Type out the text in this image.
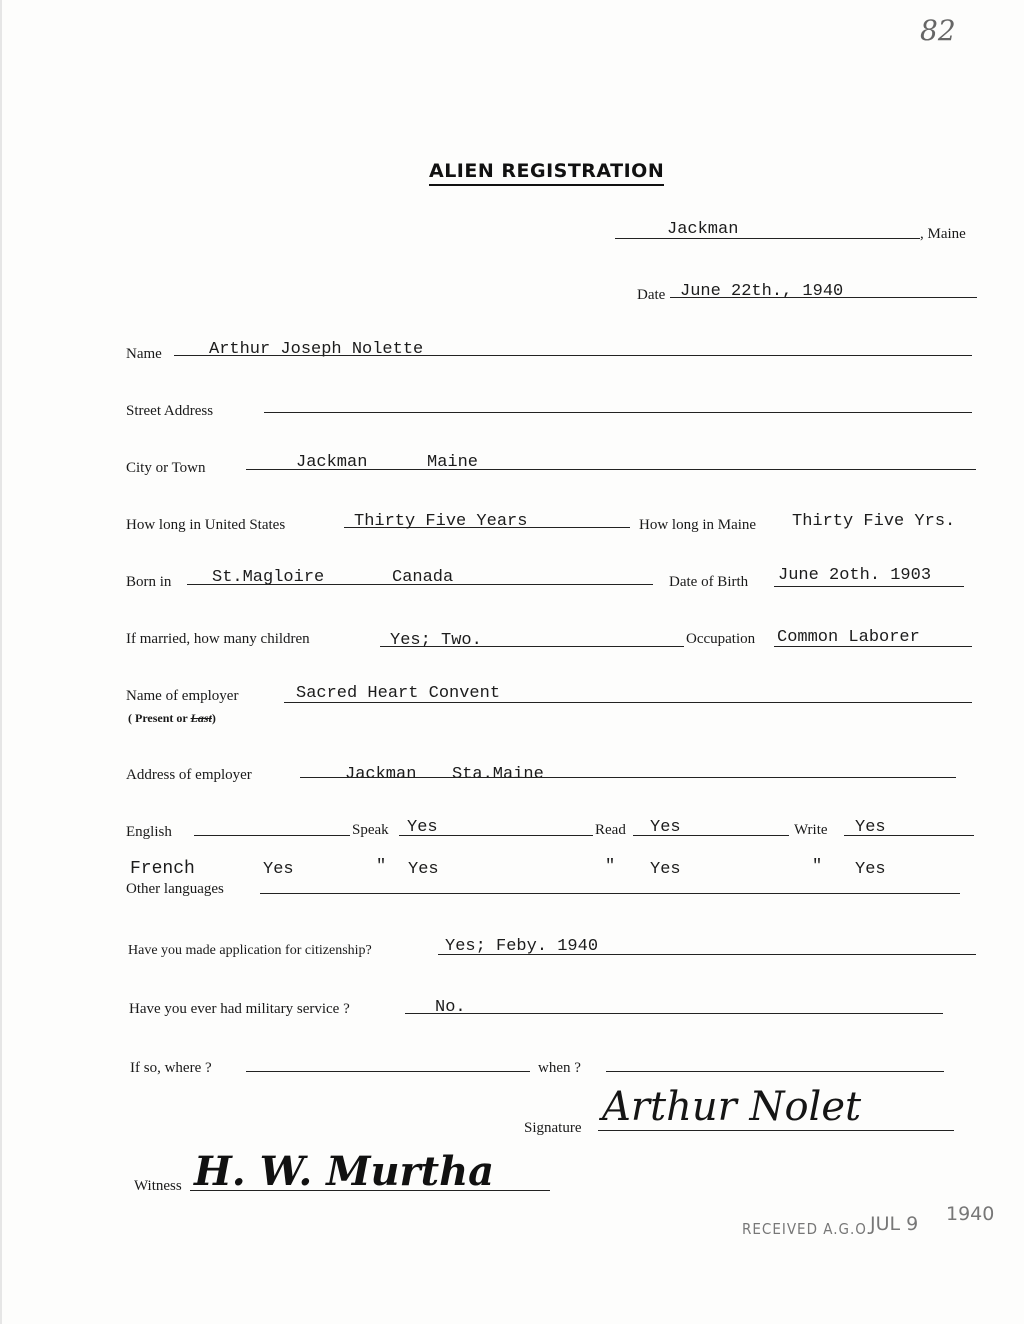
82
ALIEN REGISTRATION
Jackman	, Maine
Date June 22th., 1940
Name	Arthur Joseph Nolette
Street Address
City or Town	Jackman	Maine
How long in United States	Thirty Five Years	How long in Maine Thirty Five Yrs.
Born in St.Magloire	Canada	Date of Birth June 2oth. 1903
If married, how many children	Yes; Two.	Occupation Common Laborer
Name of employer
( Present or Last)
Sacred Heart Convent
Address of employer	Jackman Sta.Maine
English	Speak Yes	Read Yes	Write Yes
French	Yes	" Yes	" Yes	" Yes
Other languages
Have you made application for citizenship?	Yes; Feby. 1940
Have you ever had military service ?	No.
If so, where ?	when ?
Signature Arthur Nolet
Witness H. W. Murtha
RECEIVED A.G.O.
JUL 9 1940
